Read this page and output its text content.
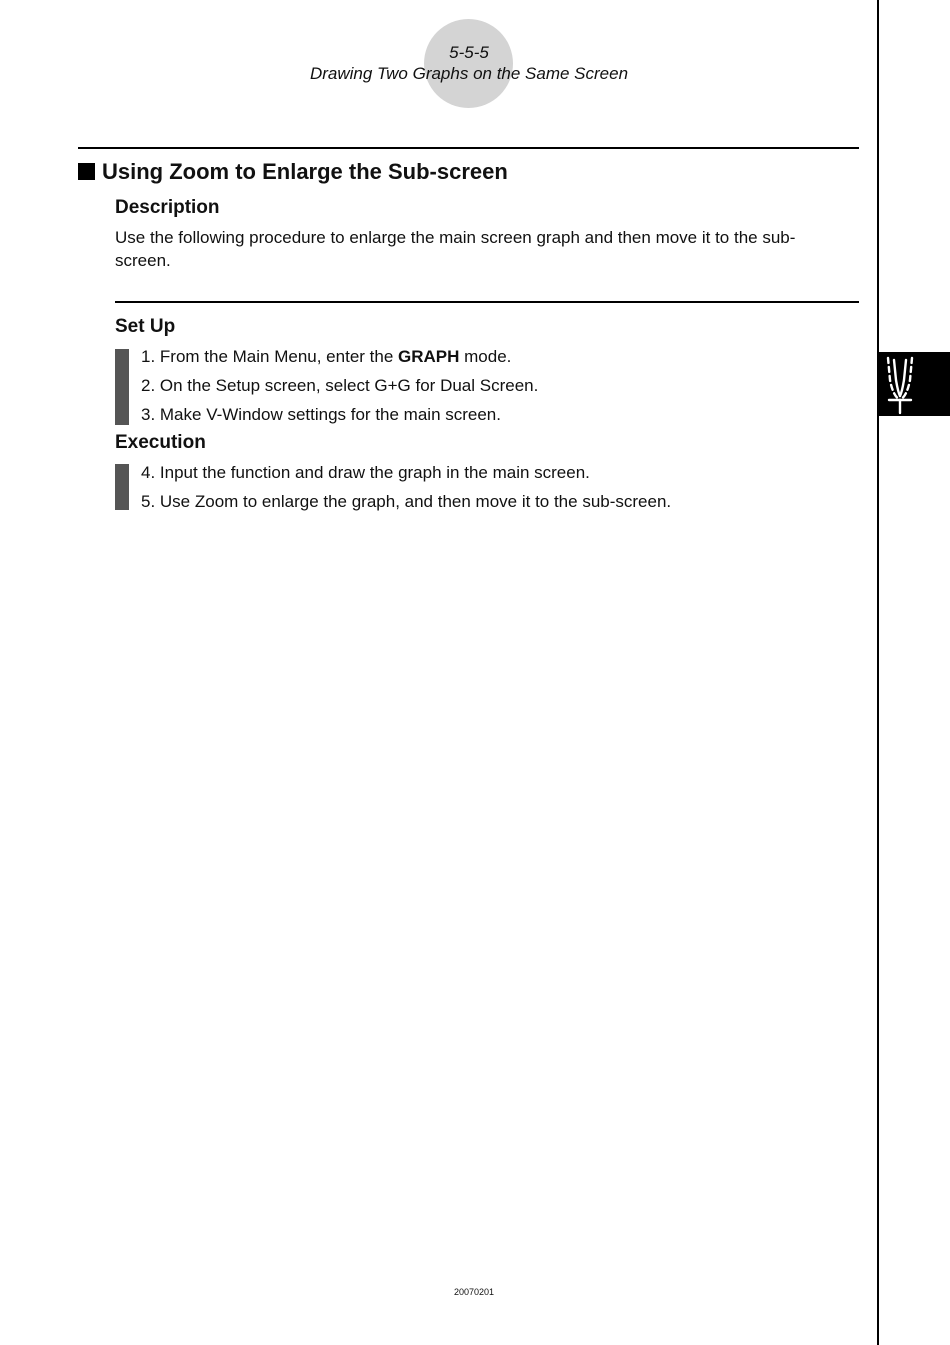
5-5-5
Drawing Two Graphs on the Same Screen
Using Zoom to Enlarge the Sub-screen
Description
Use the following procedure to enlarge the main screen graph and then move it to the sub-
screen.
Set Up
1. From the Main Menu, enter the GRAPH mode.
2. On the Setup screen, select G+G for Dual Screen.
3. Make V-Window settings for the main screen.
Execution
4. Input the function and draw the graph in the main screen.
5. Use Zoom to enlarge the graph, and then move it to the sub-screen.
20070201
